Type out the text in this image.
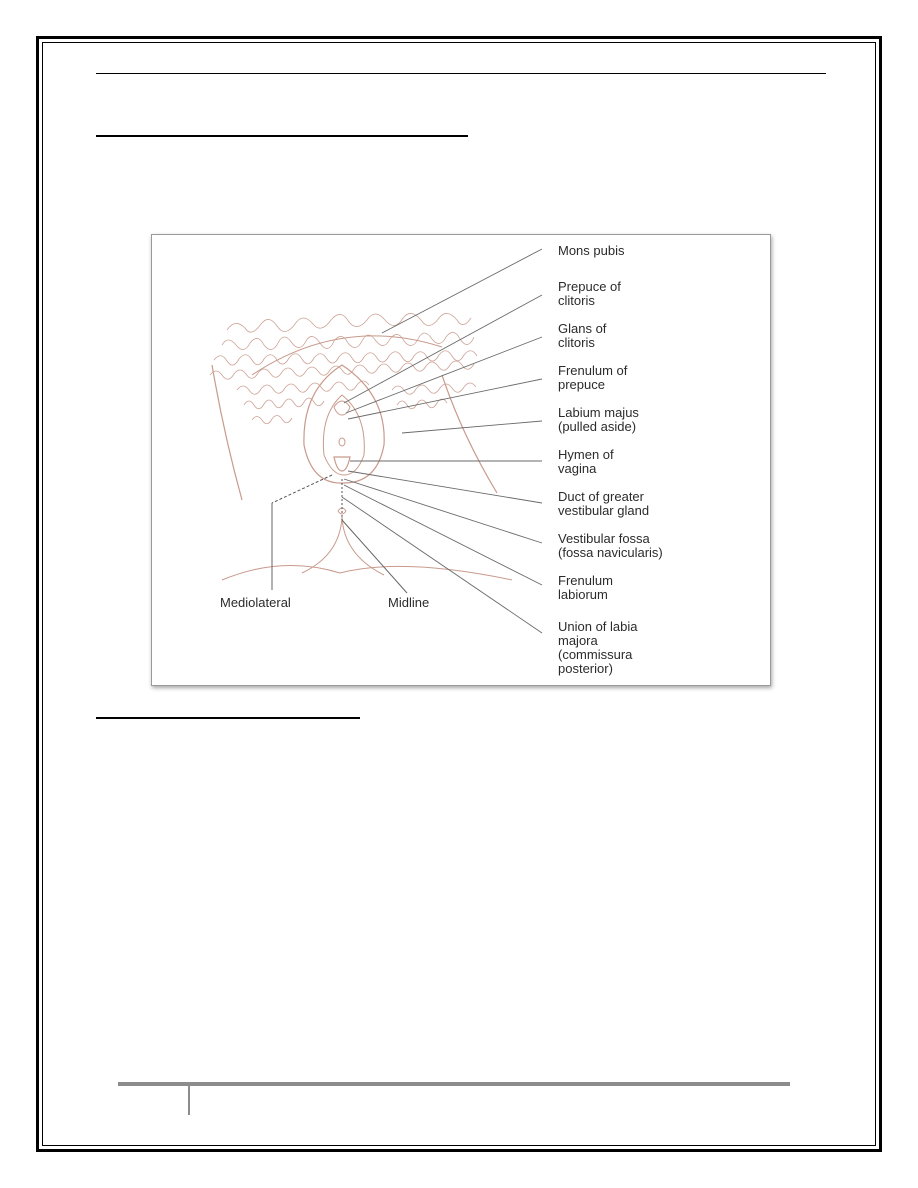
Mons pubis
Prepuce of
clitoris
Glans of
clitoris
Frenulum of
prepuce
Labium majus
(pulled aside)
Hymen of
vagina
Duct of greater
vestibular gland
Vestibular fossa
(fossa navicularis)
Frenulum
labiorum
Union of labia
majora
(commissura
posterior)
Mediolateral	Midline
